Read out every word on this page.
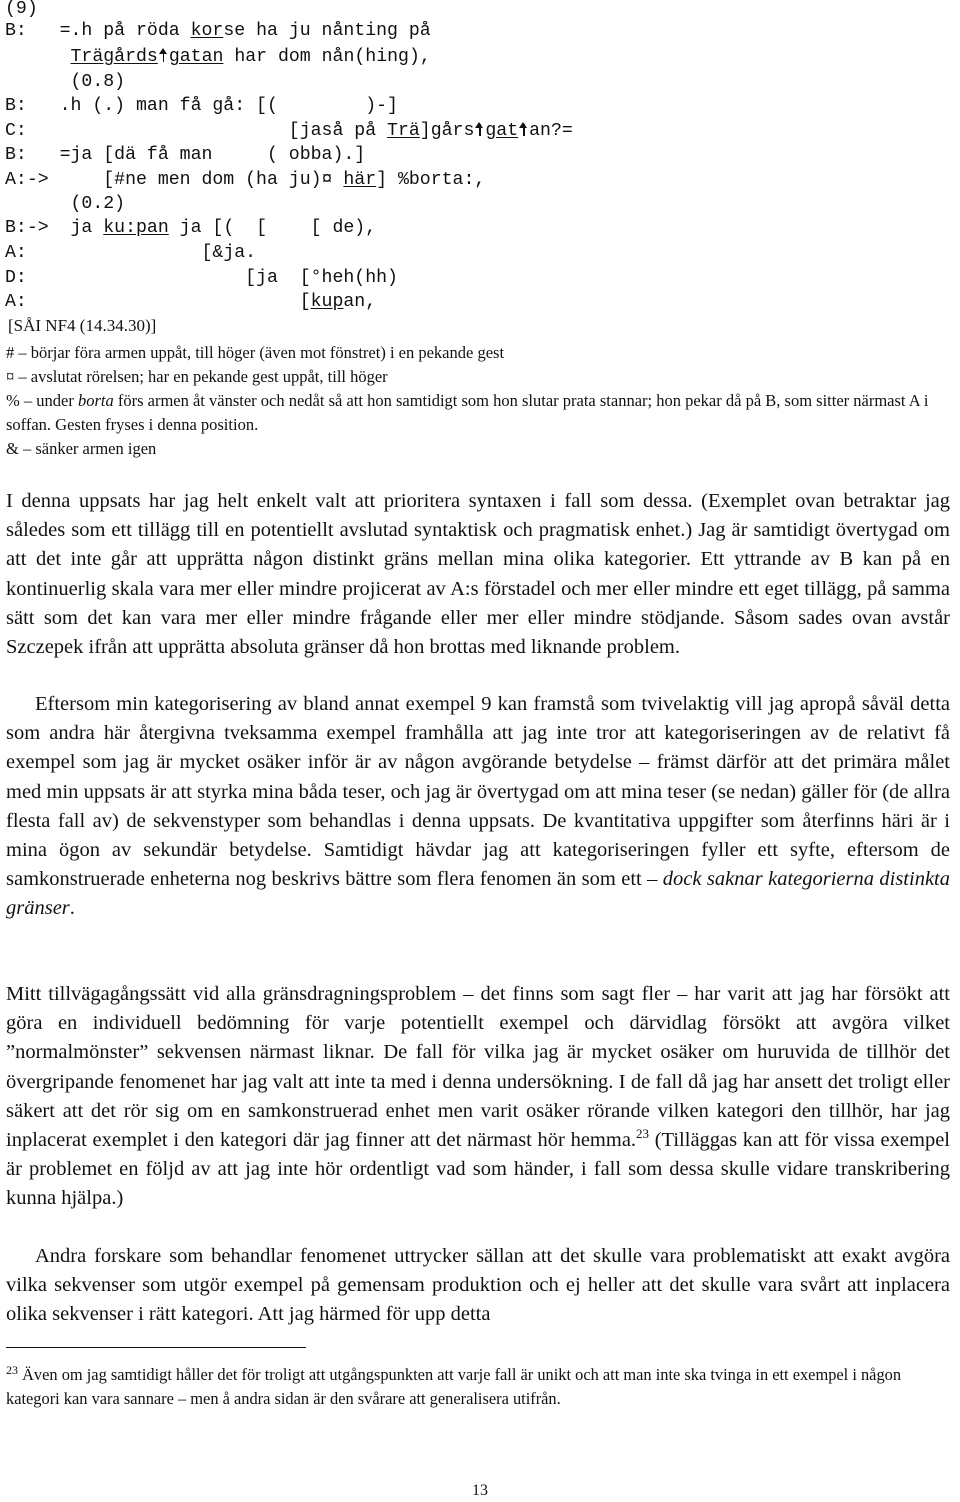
(9)
B: =.h på röda korse ha ju nånting på
Trägårds gatan har dom nån(hing),
(0.8)
B: .h (.) man få gå: [(        )-]
C:	[jaså på Trä]gårs gat an?=
B: =ja [dä få man     ( obba).]
A:->	[#ne men dom (ha ju)¤ här] %borta:,
(0.2)
B:-> ja ku:pan ja [(  [    [ de),
A:	[&ja.
D:	[ja  [°heh(hh)
A:	[kupan,
[SÅI NF4 (14.34.30)]
# – börjar föra armen uppåt, till höger (även mot fönstret) i en pekande gest
¤ – avslutat rörelsen; har en pekande gest uppåt, till höger
% – under borta förs armen åt vänster och nedåt så att hon samtidigt som hon slutar prata stannar; hon pekar då på B, som sitter närmast A i soffan. Gesten fryses i denna position.
& – sänker armen igen
I denna uppsats har jag helt enkelt valt att prioritera syntaxen i fall som dessa. (Exemplet ovan betraktar jag således som ett tillägg till en potentiellt avslutad syntaktisk och pragmatisk enhet.) Jag är samtidigt övertygad om att det inte går att upprätta någon distinkt gräns mellan mina olika kategorier. Ett yttrande av B kan på en kontinuerlig skala vara mer eller mindre projicerat av A:s förstadel och mer eller mindre ett eget tillägg, på samma sätt som det kan vara mer eller mindre frågande eller mer eller mindre stödjande. Såsom sades ovan avstår Szczepek ifrån att upprätta absoluta gränser då hon brottas med liknande problem.
Eftersom min kategorisering av bland annat exempel 9 kan framstå som tvivelaktig vill jag apropå såväl detta som andra här återgivna tveksamma exempel framhålla att jag inte tror att kategoriseringen av de relativt få exempel som jag är mycket osäker inför är av någon avgörande betydelse – främst därför att det primära målet med min uppsats är att styrka mina båda teser, och jag är övertygad om att mina teser (se nedan) gäller för (de allra flesta fall av) de sekvenstyper som behandlas i denna uppsats. De kvantitativa uppgifter som återfinns häri är i mina ögon av sekundär betydelse. Samtidigt hävdar jag att kategoriseringen fyller ett syfte, eftersom de samkonstruerade enheterna nog beskrivs bättre som flera fenomen än som ett – dock saknar kategorierna distinkta gränser.
Mitt tillvägagångssätt vid alla gränsdragningsproblem – det finns som sagt fler – har varit att jag har försökt att göra en individuell bedömning för varje potentiellt exempel och därvidlag försökt att avgöra vilket ”normalmönster” sekvensen närmast liknar. De fall för vilka jag är mycket osäker om huruvida de tillhör det övergripande fenomenet har jag valt att inte ta med i denna undersökning. I de fall då jag har ansett det troligt eller säkert att det rör sig om en samkonstruerad enhet men varit osäker rörande vilken kategori den tillhör, har jag inplacerat exemplet i den kategori där jag finner att det närmast hör hemma.$^{23}$ (Tilläggas kan att för vissa exempel är problemet en följd av att jag inte hör ordentligt vad som händer, i fall som dessa skulle vidare transkribering kunna hjälpa.)
Andra forskare som behandlar fenomenet uttrycker sällan att det skulle vara problematiskt att exakt avgöra vilka sekvenser som utgör exempel på gemensam produktion och ej heller att det skulle vara svårt att inplacera olika sekvenser i rätt kategori. Att jag härmed för upp detta
$^{23}$ Även om jag samtidigt håller det för troligt att utgångspunkten att varje fall är unikt och att man inte ska tvinga in ett exempel i någon kategori kan vara sannare – men å andra sidan är den svårare att generalisera utifrån.
13
